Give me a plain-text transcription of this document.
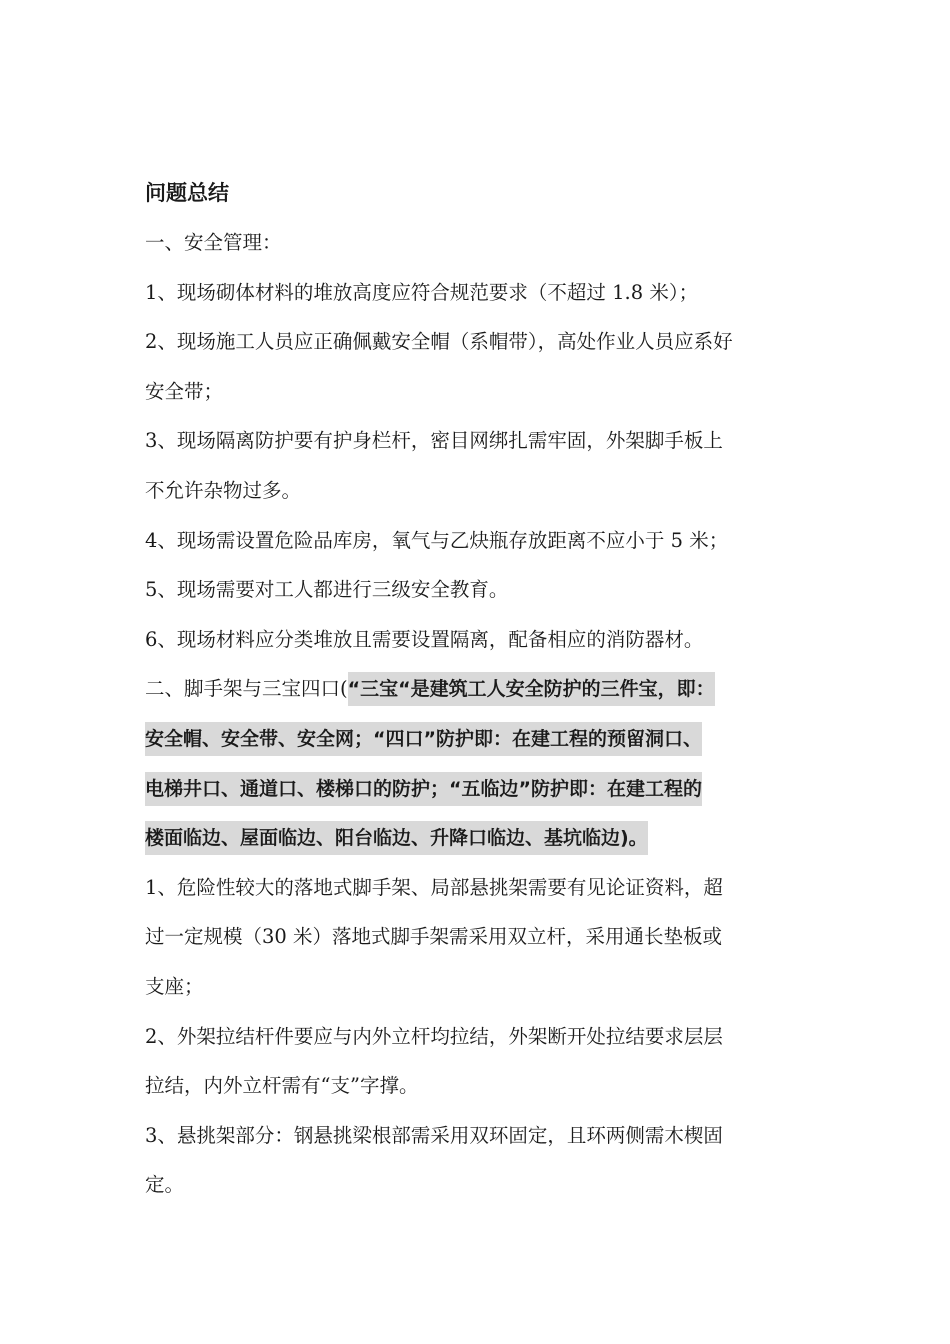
问题总结
一、安全管理：
1、现场砌体材料的堆放高度应符合规范要求（不超过 1.8 米）；
2、现场施工人员应正确佩戴安全帽（系帽带），高处作业人员应系好
安全带；
3、现场隔离防护要有护身栏杆，密目网绑扎需牢固，外架脚手板上
不允许杂物过多。
4、现场需设置危险品库房，氧气与乙炔瓶存放距离不应小于 5 米；
5、现场需要对工人都进行三级安全教育。
6、现场材料应分类堆放且需要设置隔离，配备相应的消防器材。
二、脚手架与三宝四口(“三宝“是建筑工人安全防护的三件宝，即：
安全帽、安全带、安全网；“四口”防护即：在建工程的预留洞口、
电梯井口、通道口、楼梯口的防护；“五临边”防护即：在建工程的
楼面临边、屋面临边、阳台临边、升降口临边、基坑临边)。
1、危险性较大的落地式脚手架、局部悬挑架需要有见论证资料，超
过一定规模（30 米）落地式脚手架需采用双立杆，采用通长垫板或
支座；
2、外架拉结杆件要应与内外立杆均拉结，外架断开处拉结要求层层
拉结，内外立杆需有“支”字撑。
3、悬挑架部分：钢悬挑梁根部需采用双环固定，且环两侧需木楔固
定。
